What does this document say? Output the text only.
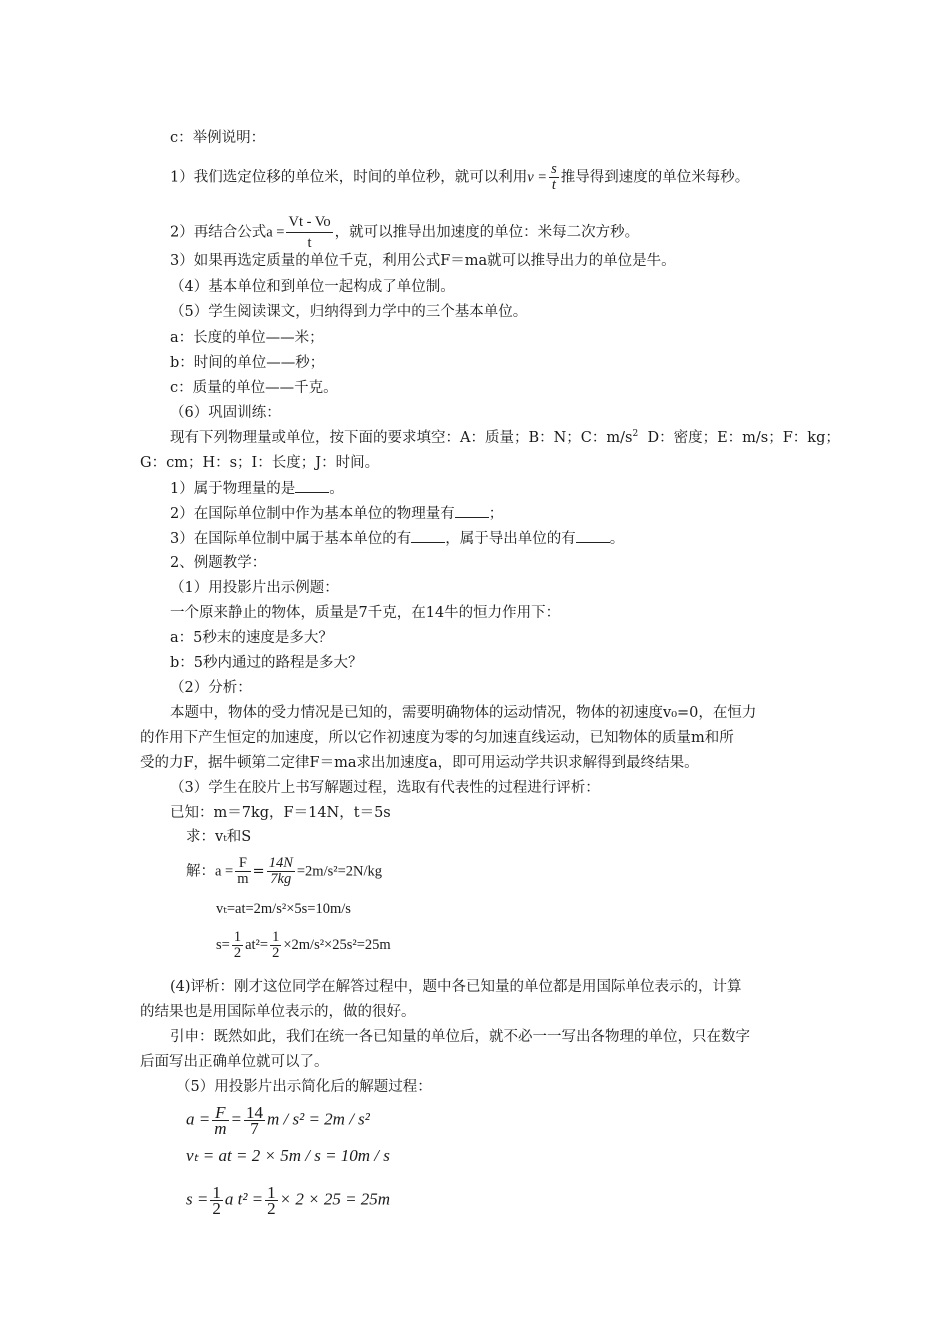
c：举例说明：
1）我们选定位移的单位米，时间的单位秒，就可以利用$v = \frac{s}{t}$ 推导得到速度的单位米每秒。
2）再结合公式$a = \frac{Vt - Vo}{t}$ ，就可以推导出加速度的单位：米每二次方秒。
3）如果再选定质量的单位千克，利用公式F＝ma就可以推导出力的单位是牛。
（4）基本单位和到单位一起构成了单位制。
（5）学生阅读课文，归纳得到力学中的三个基本单位。
a：长度的单位——米；
b：时间的单位——秒；
c：质量的单位——千克。
（6）巩固训练：
现有下列物理量或单位，按下面的要求填空：A：质量；B：N；C：$m/s^2$ D：密度；E：m/s；F：kg；
G：cm；H：s；I：长度；J：时间。
1）属于物理量的是 。
2）在国际单位制中作为基本单位的物理量有 ；
3）在国际单位制中属于基本单位的有 ，属于导出单位的有 。
2、例题教学：
（1）用投影片出示例题：
一个原来静止的物体，质量是7千克，在14牛的恒力作用下：
a：5秒末的速度是多大？
b：5秒内通过的路程是多大？
（2）分析：
本题中，物体的受力情况是已知的，需要明确物体的运动情况，物体的初速度v₀=0，在恒力
的作用下产生恒定的加速度，所以它作初速度为零的匀加速直线运动，已知物体的质量m和所
受的力F，据牛顿第二定律F＝ma求出加速度a，即可用运动学共识求解得到最终结果。
（3）学生在胶片上书写解题过程，选取有代表性的过程进行评析：
已知：m＝7kg，F＝14N，t＝5s
求：vₜ和S
解：$a = \frac{F}{m} = \frac{14N}{7kg} =2m/s^2=2N/kg$
vₜ=at=2m/s²×5s=10m/s
$s= \frac{1}{2} at^2= \frac{1}{2} \times 2m/s^2\times 25s^2=25m$
(4)评析：刚才这位同学在解答过程中，题中各已知量的单位都是用国际单位表示的，计算
的结果也是用国际单位表示的，做的很好。
引申：既然如此，我们在统一各已知量的单位后，就不必一一写出各物理的单位，只在数字
后面写出正确单位就可以了。
（5）用投影片出示简化后的解题过程：
$a = \frac{F}{m} = \frac{14}{7}$ m / s² = 2m / s²
vₜ = at = 2 × 5m / s = 10m / s
$s = \frac{1}{2}$ a $t^2 = \frac{1}{2} \times 2 \times 25 = 25m$
